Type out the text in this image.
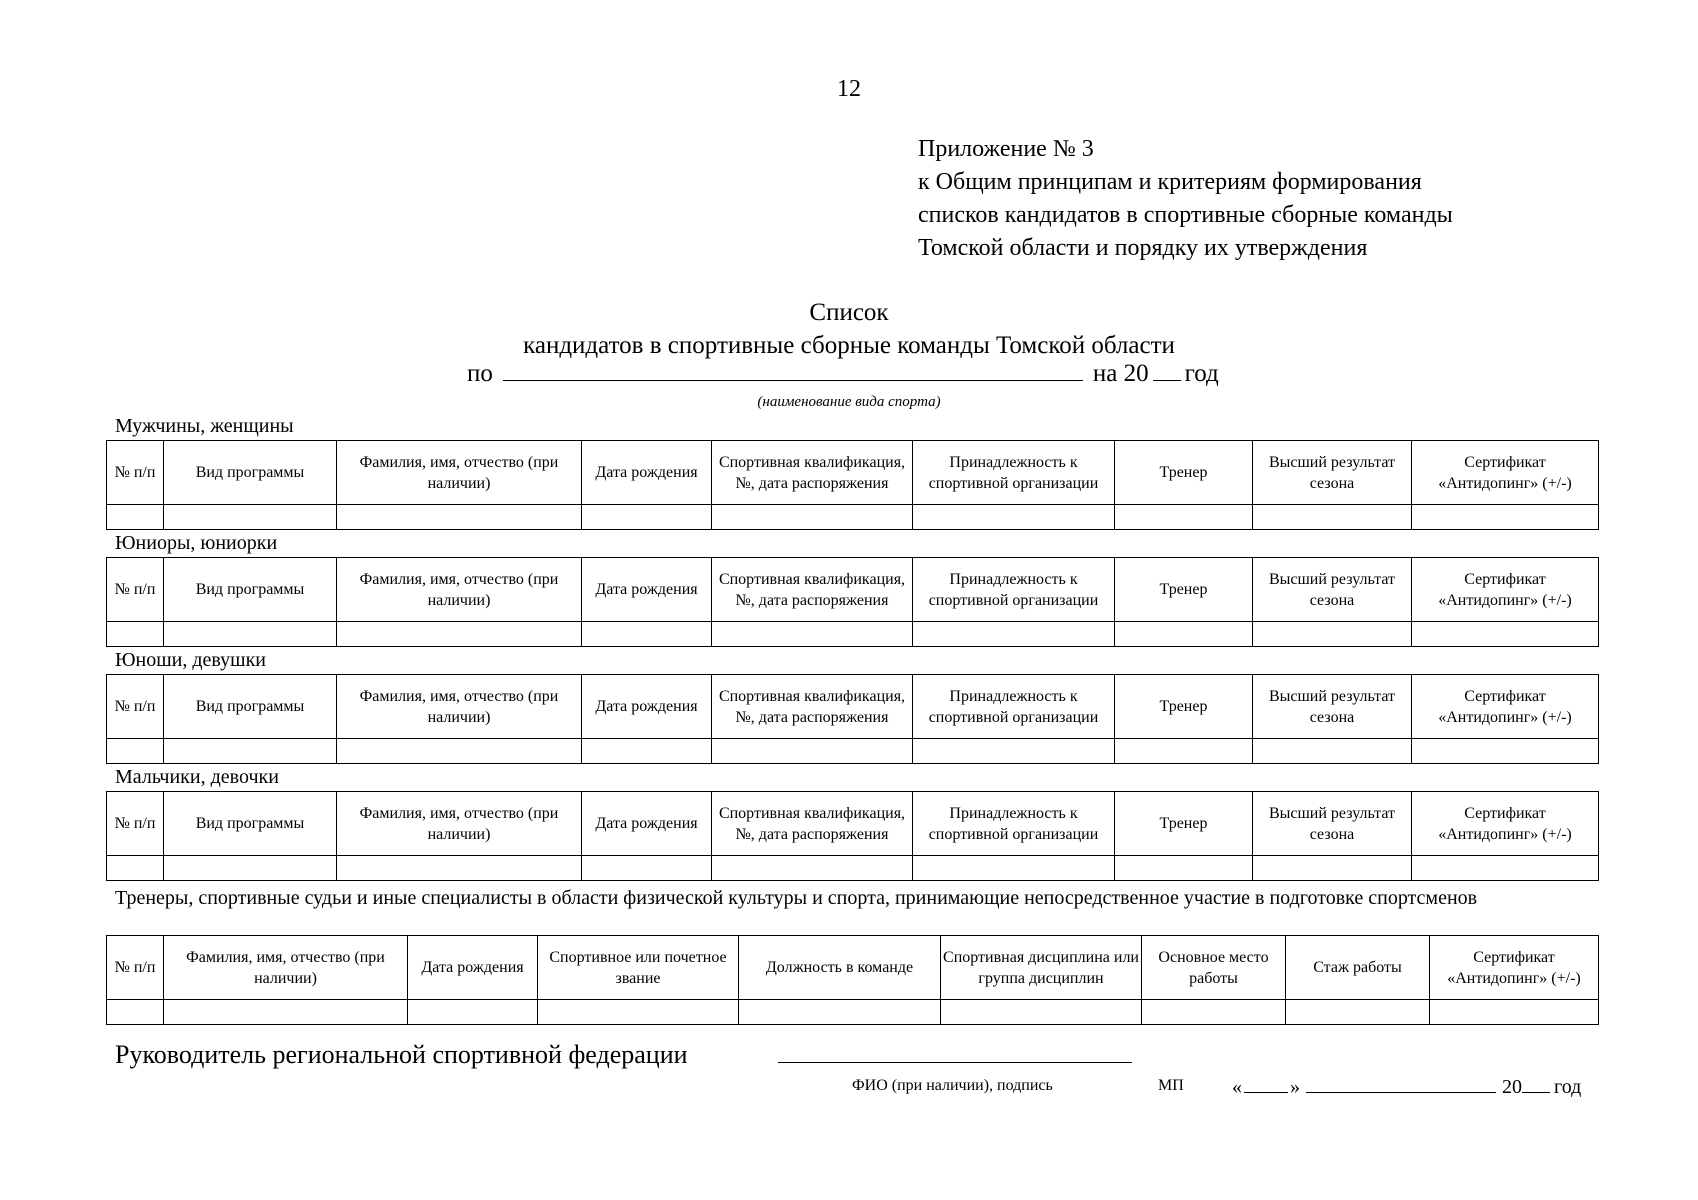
12
Приложение № 3
к Общим принципам и критериям формирования
списков кандидатов в спортивные сборные команды
Томской области и порядку их утверждения
Список
кандидатов в спортивные сборные команды Томской области
по	на 20 год
(наименование вида спорта)
Мужчины, женщины
№ п/п	Вид программы	Фамилия, имя, отчество (при наличии)	Дата рождения	Спортивная квалификация, №, дата распоряжения	Принадлежность к спортивной организации	Тренер	Высший результат сезона	Сертификат «Антидопинг» (+/-)

Юниоры, юниорки
№ п/п	Вид программы	Фамилия, имя, отчество (при наличии)	Дата рождения	Спортивная квалификация, №, дата распоряжения	Принадлежность к спортивной организации	Тренер	Высший результат сезона	Сертификат «Антидопинг» (+/-)

Юноши, девушки
№ п/п	Вид программы	Фамилия, имя, отчество (при наличии)	Дата рождения	Спортивная квалификация, №, дата распоряжения	Принадлежность к спортивной организации	Тренер	Высший результат сезона	Сертификат «Антидопинг» (+/-)

Мальчики, девочки
№ п/п	Вид программы	Фамилия, имя, отчество (при наличии)	Дата рождения	Спортивная квалификация, №, дата распоряжения	Принадлежность к спортивной организации	Тренер	Высший результат сезона	Сертификат «Антидопинг» (+/-)

Тренеры, спортивные судьи и иные специалисты в области физической культуры и спорта, принимающие непосредственное участие в подготовке спортсменов
№ п/п	Фамилия, имя, отчество (при наличии)	Дата рождения	Спортивное или почетное звание	Должность в команде	Спортивная дисциплина или группа дисциплин	Основное место работы	Стаж работы	Сертификат «Антидопинг» (+/-)

Руководитель региональной спортивной федерации
ФИО (при наличии), подпись	МП « »	20 год
